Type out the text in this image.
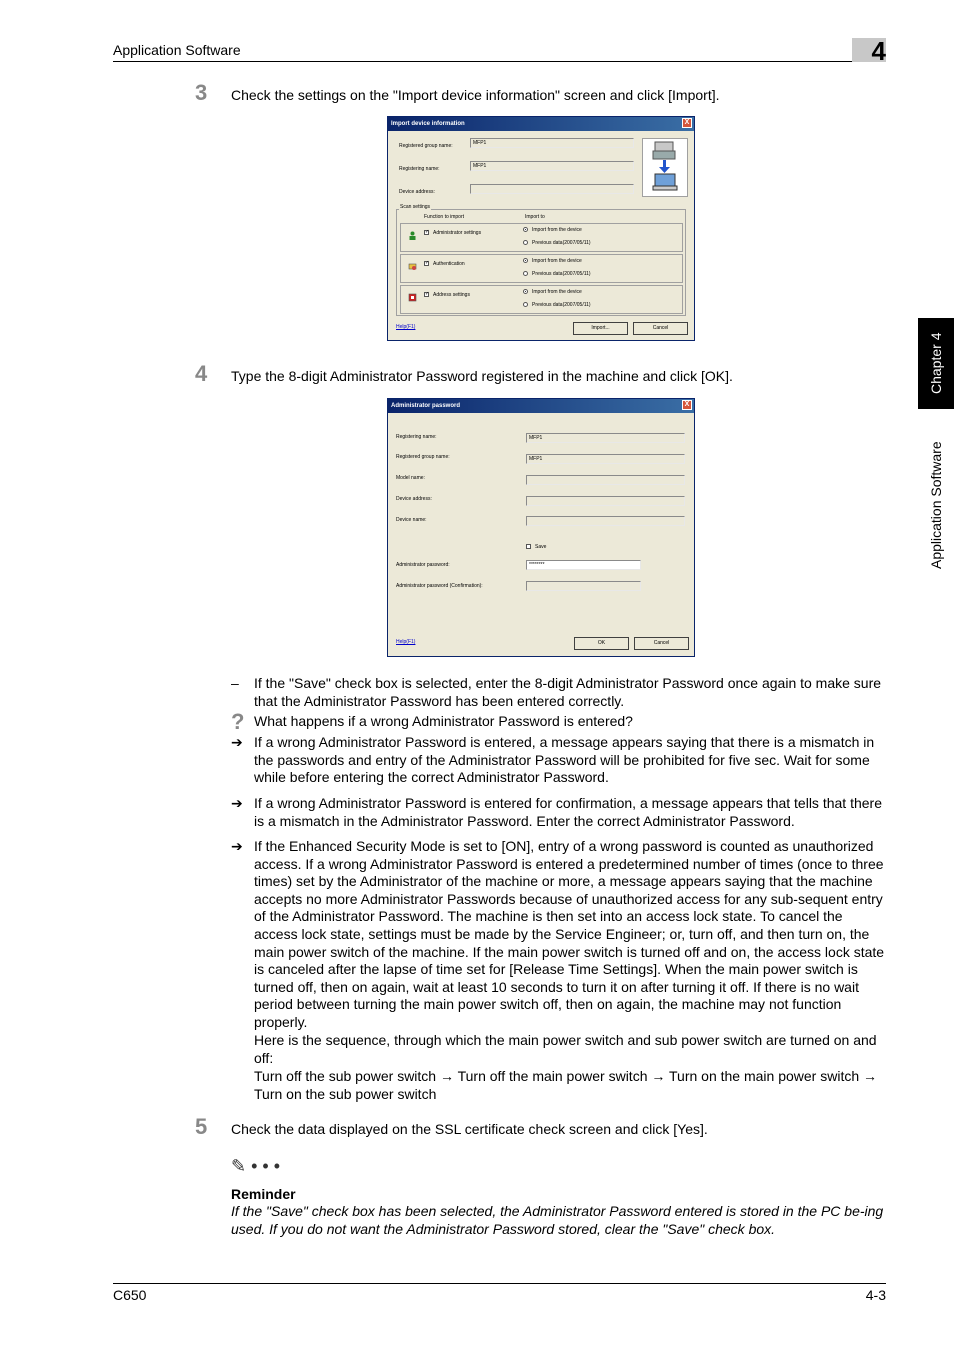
Application Software	4
Chapter 4
Application Software
3 Check the settings on the "Import device information" screen and click [Import].
Import device information	X
Registered group name:	MFP1
Registering name:	MFP1
Device address:
Scan settings
Function to import	Import to
✓ Administrator settings	Import from the device
Previous data(2007/05/11)
✓ Authentication	Import from the device
Previous data(2007/05/11)
✓ Address settings	Import from the device
Previous data(2007/05/11)
Help(F1)	Import...	Cancel
4 Type the 8-digit Administrator Password registered in the machine and click [OK].
Administrator password	X
Registering name:	MFP1
Registered group name:	MFP1
Model name:
Device address:
Device name:
Save
Administrator password:	********
Administrator password (Confirmation):
Help(F1)	OK	Cancel
– If the "Save" check box is selected, enter the 8-digit Administrator Password once again to make sure that the Administrator Password has been entered correctly.
? What happens if a wrong Administrator Password is entered?
➔ If a wrong Administrator Password is entered, a message appears saying that there is a mismatch in the passwords and entry of the Administrator Password will be prohibited for five sec. Wait for some while before entering the correct Administrator Password.
➔ If a wrong Administrator Password is entered for confirmation, a message appears that tells that there is a mismatch in the Administrator Password. Enter the correct Administrator Password.
➔ If the Enhanced Security Mode is set to [ON], entry of a wrong password is counted as unauthorized access. If a wrong Administrator Password is entered a predetermined number of times (once to three times) set by the Administrator of the machine or more, a message appears saying that the machine accepts no more Administrator Passwords because of unauthorized access for any sub-sequent entry of the Administrator Password. The machine is then set into an access lock state. To cancel the access lock state, settings must be made by the Service Engineer; or, turn off, and then turn on, the main power switch of the machine. If the main power switch is turned off and on, the access lock state is canceled after the lapse of time set for [Release Time Settings]. When the main power switch is turned off, then on again, wait at least 10 seconds to turn it on after turning it off. If there is no wait period between turning the main power switch off, then on again, the machine may not function properly.
Here is the sequence, through which the main power switch and sub power switch are turned on and off:
Turn off the sub power switch → Turn off the main power switch → Turn on the main power switch → Turn on the sub power switch
5 Check the data displayed on the SSL certificate check screen and click [Yes].
✎ • • •
Reminder
If the "Save" check box has been selected, the Administrator Password entered is stored in the PC be-ing used. If you do not want the Administrator Password stored, clear the "Save" check box.
C650	4-3
